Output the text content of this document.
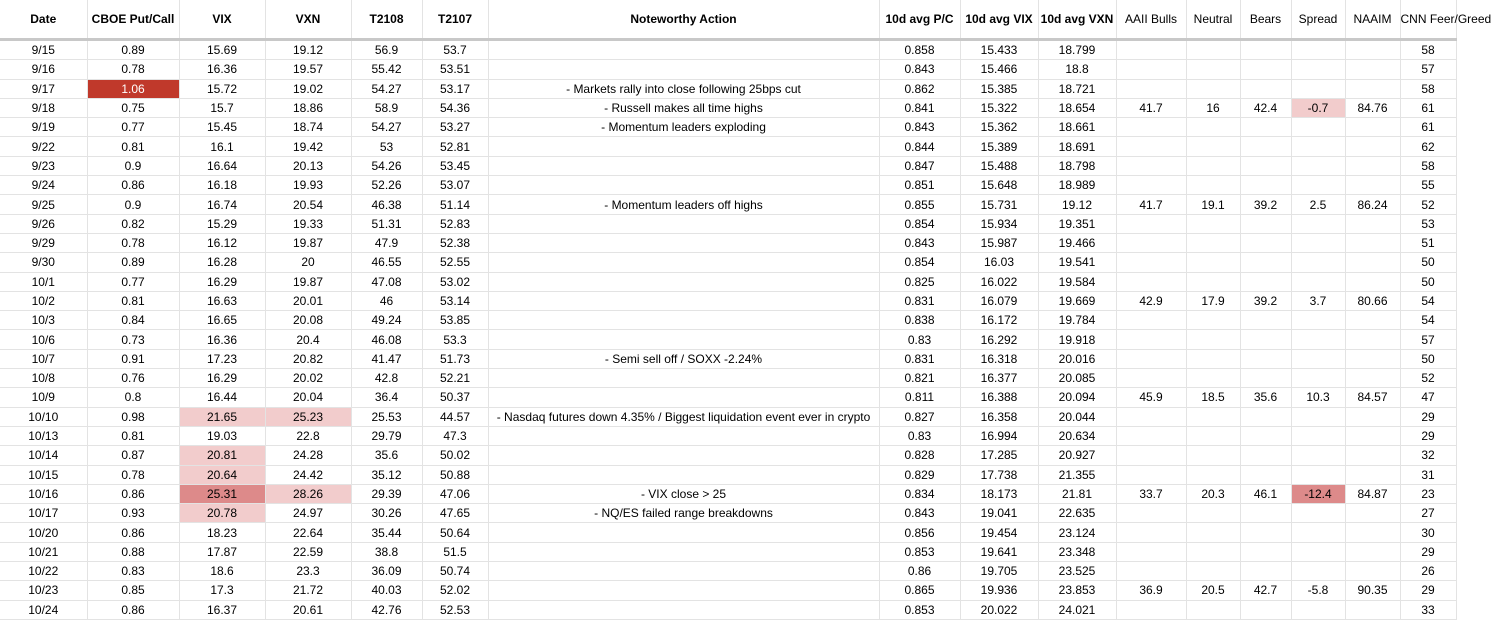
Date	CBOE Put/Call	VIX	VXN	T2108	T2107	Noteworthy Action	10d avg P/C	10d avg VIX	10d avg VXN	AAII Bulls	Neutral	Bears	Spread	NAAIM	CNN Feer/Greed
9/15	0.89	15.69	19.12	56.9	53.7		0.858	15.433	18.799						58
9/16	0.78	16.36	19.57	55.42	53.51		0.843	15.466	18.8						57
9/17	1.06	15.72	19.02	54.27	53.17	- Markets rally into close following 25bps cut	0.862	15.385	18.721						58
9/18	0.75	15.7	18.86	58.9	54.36	- Russell makes all time highs	0.841	15.322	18.654	41.7	16	42.4	-0.7	84.76	61
9/19	0.77	15.45	18.74	54.27	53.27	- Momentum leaders exploding	0.843	15.362	18.661						61
9/22	0.81	16.1	19.42	53	52.81		0.844	15.389	18.691						62
9/23	0.9	16.64	20.13	54.26	53.45		0.847	15.488	18.798						58
9/24	0.86	16.18	19.93	52.26	53.07		0.851	15.648	18.989						55
9/25	0.9	16.74	20.54	46.38	51.14	- Momentum leaders off highs	0.855	15.731	19.12	41.7	19.1	39.2	2.5	86.24	52
9/26	0.82	15.29	19.33	51.31	52.83		0.854	15.934	19.351						53
9/29	0.78	16.12	19.87	47.9	52.38		0.843	15.987	19.466						51
9/30	0.89	16.28	20	46.55	52.55		0.854	16.03	19.541						50
10/1	0.77	16.29	19.87	47.08	53.02		0.825	16.022	19.584						50
10/2	0.81	16.63	20.01	46	53.14		0.831	16.079	19.669	42.9	17.9	39.2	3.7	80.66	54
10/3	0.84	16.65	20.08	49.24	53.85		0.838	16.172	19.784						54
10/6	0.73	16.36	20.4	46.08	53.3		0.83	16.292	19.918						57
10/7	0.91	17.23	20.82	41.47	51.73	- Semi sell off / SOXX -2.24%	0.831	16.318	20.016						50
10/8	0.76	16.29	20.02	42.8	52.21		0.821	16.377	20.085						52
10/9	0.8	16.44	20.04	36.4	50.37		0.811	16.388	20.094	45.9	18.5	35.6	10.3	84.57	47
10/10	0.98	21.65	25.23	25.53	44.57	- Nasdaq futures down 4.35% / Biggest liquidation event ever in crypto	0.827	16.358	20.044						29
10/13	0.81	19.03	22.8	29.79	47.3		0.83	16.994	20.634						29
10/14	0.87	20.81	24.28	35.6	50.02		0.828	17.285	20.927						32
10/15	0.78	20.64	24.42	35.12	50.88		0.829	17.738	21.355						31
10/16	0.86	25.31	28.26	29.39	47.06	- VIX close > 25	0.834	18.173	21.81	33.7	20.3	46.1	-12.4	84.87	23
10/17	0.93	20.78	24.97	30.26	47.65	- NQ/ES failed range breakdowns	0.843	19.041	22.635						27
10/20	0.86	18.23	22.64	35.44	50.64		0.856	19.454	23.124						30
10/21	0.88	17.87	22.59	38.8	51.5		0.853	19.641	23.348						29
10/22	0.83	18.6	23.3	36.09	50.74		0.86	19.705	23.525						26
10/23	0.85	17.3	21.72	40.03	52.02		0.865	19.936	23.853	36.9	20.5	42.7	-5.8	90.35	29
10/24	0.86	16.37	20.61	42.76	52.53		0.853	20.022	24.021						33
